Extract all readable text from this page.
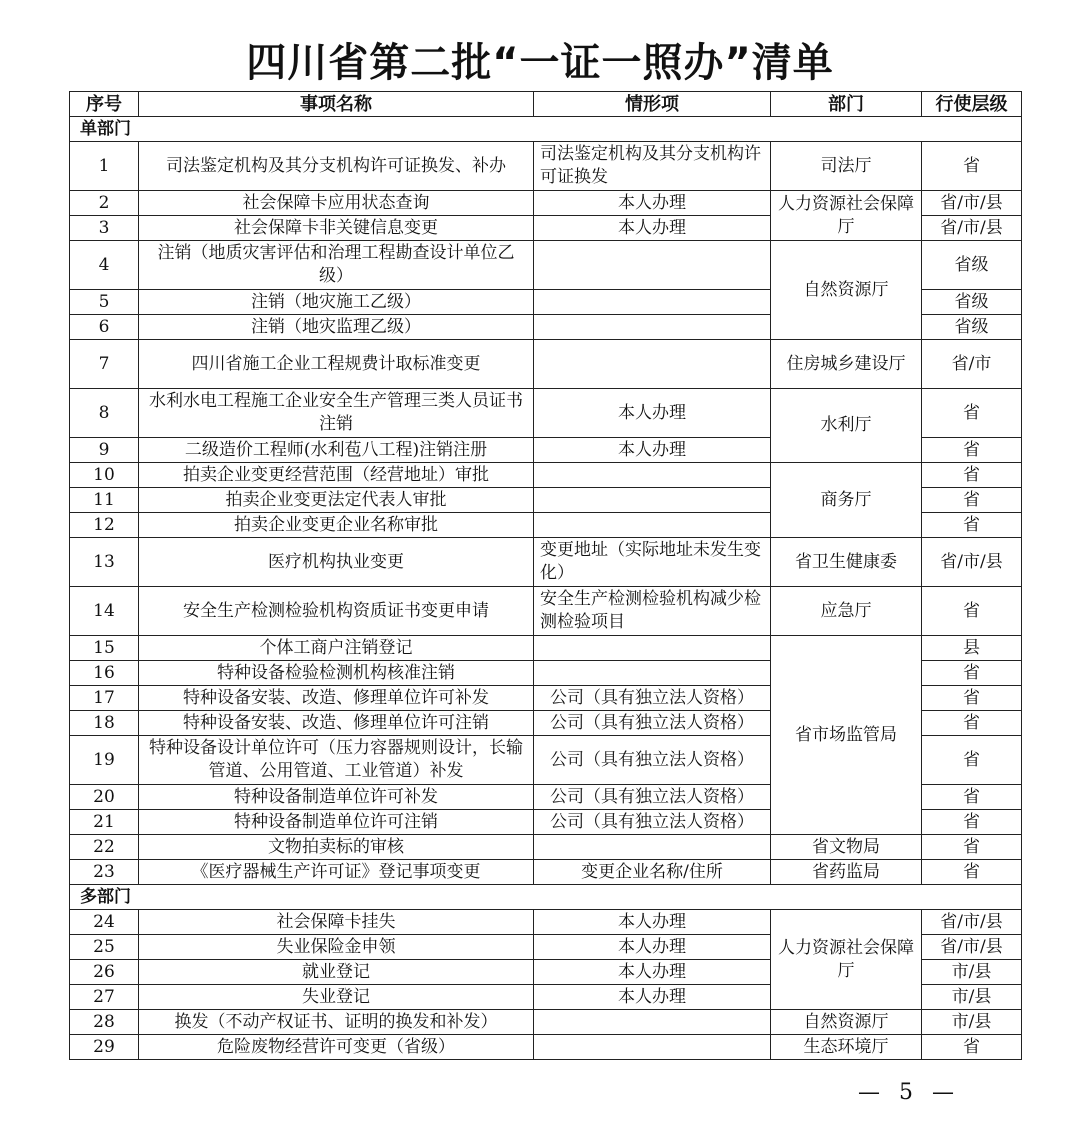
四川省第二批“一证一照办”清单
序号	事项名称	情形项	部门	行使层级
单部门				
1	司法鉴定机构及其分支机构许可证换发、补办	司法鉴定机构及其分支机构许可证换发	司法厅	省
2	社会保障卡应用状态查询	本人办理	人力资源社会保障厅	省/市/县
3	社会保障卡非关键信息变更	本人办理		省/市/县
4	注销（地质灾害评估和治理工程勘查设计单位乙级）		自然资源厅	省级
5	注销（地灾施工乙级）			省级
6	注销（地灾监理乙级）			省级
7	四川省施工企业工程规费计取标准变更		住房城乡建设厅	省/市
8	水利水电工程施工企业安全生产管理三类人员证书注销	本人办理	水利厅	省
9	二级造价工程师(水利苞八工程)注销注册	本人办理		省
10	拍卖企业变更经营范围（经营地址）审批		商务厅	省
11	拍卖企业变更法定代表人审批			省
12	拍卖企业变更企业名称审批			省
13	医疗机构执业变更	变更地址（实际地址未发生变化）	省卫生健康委	省/市/县
14	安全生产检测检验机构资质证书变更申请	安全生产检测检验机构减少检测检验项目	应急厅	省
15	个体工商户注销登记		省市场监管局	县
16	特种设备检验检测机构核准注销			省
17	特种设备安装、改造、修理单位许可补发	公司（具有独立法人资格）		省
18	特种设备安装、改造、修理单位许可注销	公司（具有独立法人资格）		省
19	特种设备设计单位许可（压力容器规则设计，长输管道、公用管道、工业管道）补发	公司（具有独立法人资格）		省
20	特种设备制造单位许可补发	公司（具有独立法人资格）		省
21	特种设备制造单位许可注销	公司（具有独立法人资格）		省
22	文物拍卖标的审核		省文物局	省
23	《医疗器械生产许可证》登记事项变更	变更企业名称/住所	省药监局	省
多部门				
24	社会保障卡挂失	本人办理	人力资源社会保障厅	省/市/县
25	失业保险金申领	本人办理		省/市/县
26	就业登记	本人办理		市/县
27	失业登记	本人办理		市/县
28	换发（不动产权证书、证明的换发和补发）		自然资源厅	市/县
29	危险废物经营许可变更（省级）		生态环境厅	省
— 5 —
